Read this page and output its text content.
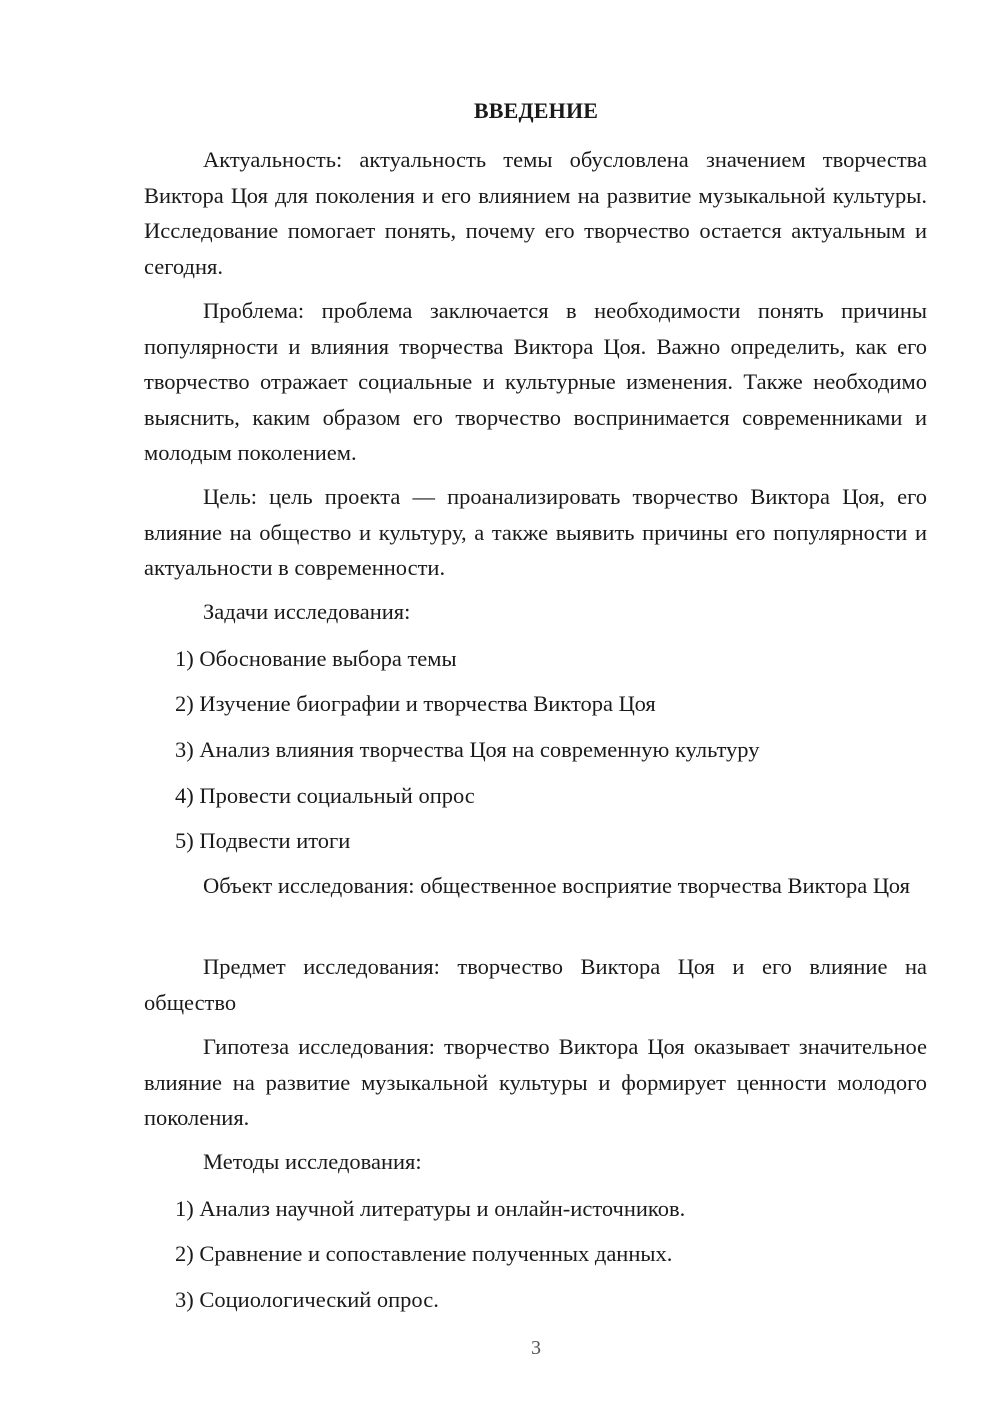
ВВЕДЕНИЕ

Актуальность: актуальность темы обусловлена значением творчества Виктора Цоя для поколения и его влиянием на развитие музыкальной культуры. Исследование помогает понять, почему его творчество остается актуальным и сегодня.

Проблема: проблема заключается в необходимости понять причины популярности и влияния творчества Виктора Цоя. Важно определить, как его творчество отражает социальные и культурные изменения. Также необходимо выяснить, каким образом его творчество воспринимается современниками и молодым поколением.

Цель: цель проекта — проанализировать творчество Виктора Цоя, его влияние на общество и культуру, а также выявить причины его популярности и актуальности в современности.

Задачи исследования:

1) Обоснование выбора темы

2) Изучение биографии и творчества Виктора Цоя

3) Анализ влияния творчества Цоя на современную культуру

4) Провести социальный опрос

5) Подвести итоги

Объект исследования: общественное восприятие творчества Виктора Цоя

Предмет исследования: творчество Виктора Цоя и его влияние на общество

Гипотеза исследования: творчество Виктора Цоя оказывает значительное влияние на развитие музыкальной культуры и формирует ценности молодого поколения.

Методы исследования:

1) Анализ научной литературы и онлайн-источников.

2) Сравнение и сопоставление полученных данных.

3) Социологический опрос.

3
